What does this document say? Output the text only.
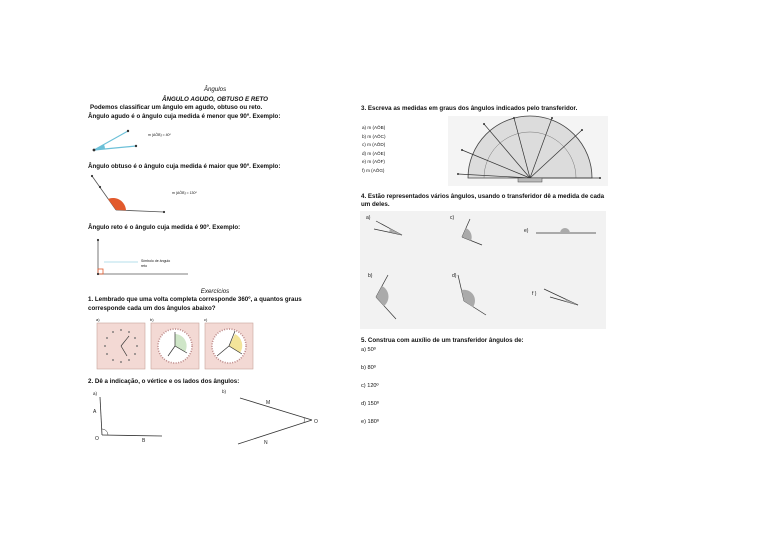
Ângulos
ÂNGULO AGUDO, OBTUSO E RETO
Podemos classificar um ângulo em agudo, obtuso ou reto.
Ângulo agudo é o ângulo cuja medida é menor que 90º. Exemplo:
m (AÔB) = 40º
Ângulo obtuso é o ângulo cuja medida é maior que 90º. Exemplo:
m (AÔB) = 130º
Ângulo reto é o ângulo cuja medida é 90º. Exemplo:
Símbolo de ângulo
reto
Exercícios
1. Lembrado que uma volta completa corresponde 360º, a quantos graus
corresponde cada um dos ângulos abaixo?
a)	b)	c)
2. Dê a indicação, o vértice e os lados dos ângulos:
a)	b)
A
O	B
M
O
N
3. Escreva as medidas em graus dos ângulos indicados pelo transferidor.
a) m (AÔB)
b) m (AÔC)
c) m (AÔD)
d) m (AÔE)
e) m (AÔF)
f) m (AÔG)
4. Estão representados vários ângulos, usando o transferidor dê a medida de cada
um deles.
a)	c)
e)
b)	d)
f )
5. Construa com auxílio de um transferidor ângulos de:
a) 50º
b) 80º
c) 120º
d) 150º
e) 180º
